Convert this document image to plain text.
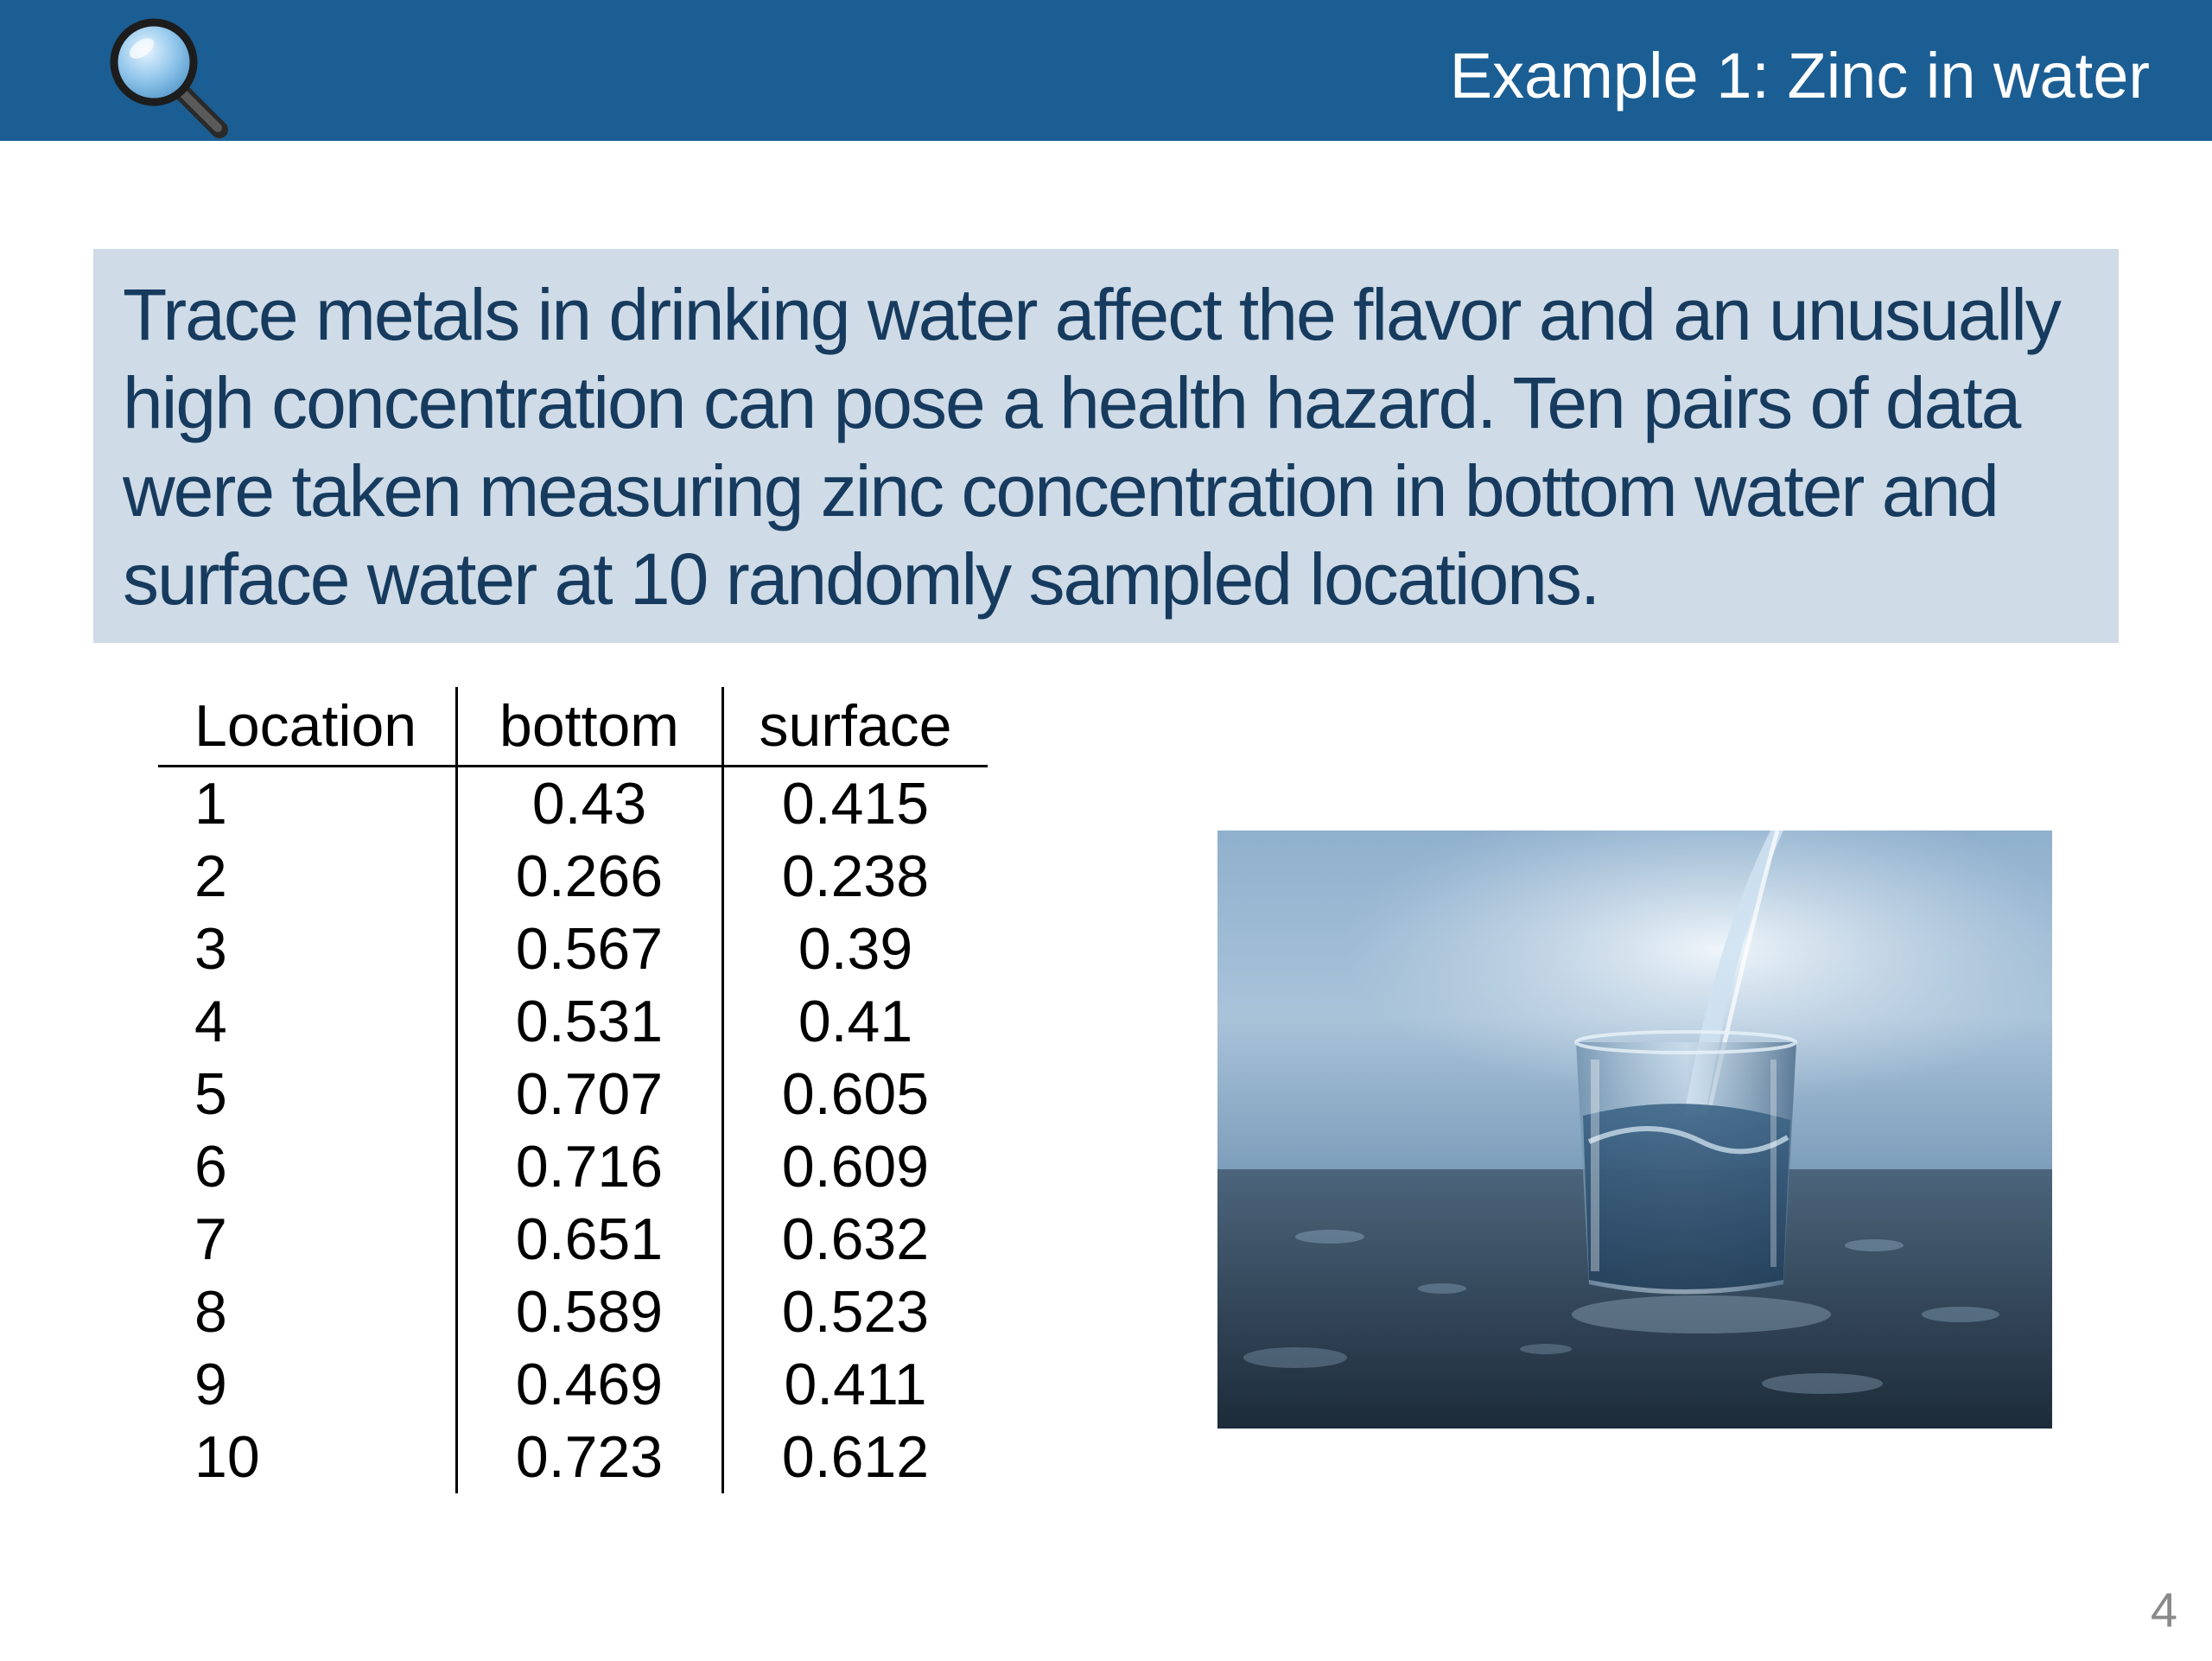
Example 1: Zinc in water
Trace metals in drinking water affect the flavor and an unusually
high concentration can pose a health hazard. Ten pairs of data
were taken measuring zinc concentration in bottom water and
surface water at 10 randomly sampled locations.
Location	bottom	surface
1	0.43	0.415
2	0.266	0.238
3	0.567	0.39
4	0.531	0.41
5	0.707	0.605
6	0.716	0.609
7	0.651	0.632
8	0.589	0.523
9	0.469	0.411
10	0.723	0.612
4
